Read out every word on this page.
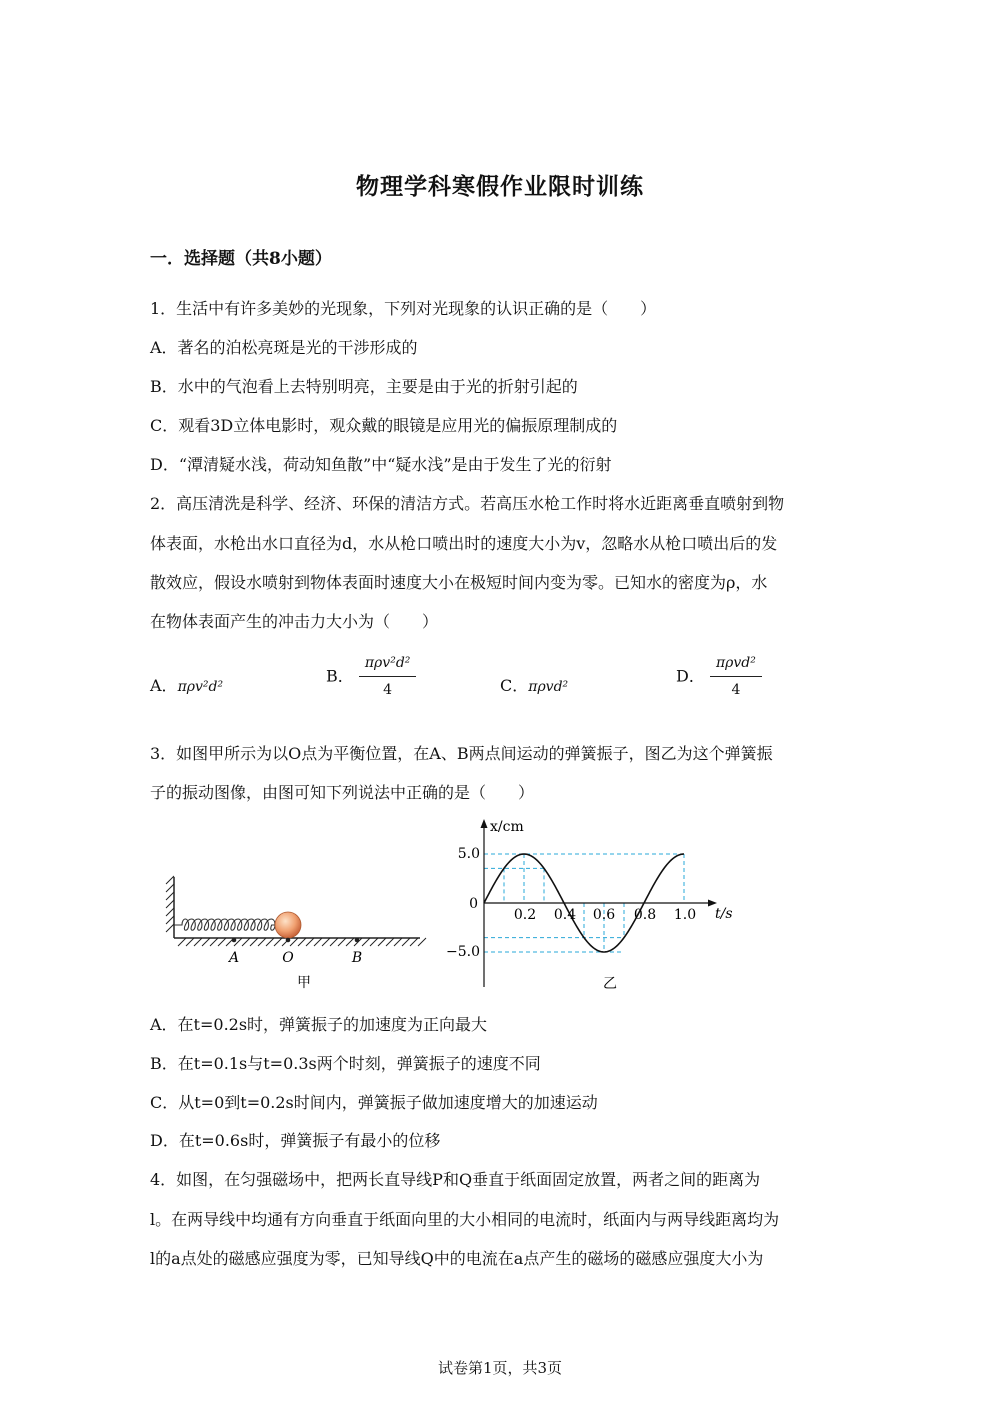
物理学科寒假作业限时训练
一．选择题（共8小题）
1．生活中有许多美妙的光现象，下列对光现象的认识正确的是（　　）
A．著名的泊松亮斑是光的干涉形成的
B．水中的气泡看上去特别明亮，主要是由于光的折射引起的
C．观看3D立体电影时，观众戴的眼镜是应用光的偏振原理制成的
D．“潭清疑水浅，荷动知鱼散”中“疑水浅”是由于发生了光的衍射
2．高压清洗是科学、经济、环保的清洁方式。若高压水枪工作时将水近距离垂直喷射到物
体表面，水枪出水口直径为d，水从枪口喷出时的速度大小为v，忽略水从枪口喷出后的发
散效应，假设水喷射到物体表面时速度大小在极短时间内变为零。已知水的密度为ρ，水
在物体表面产生的冲击力大小为（　　）
A．πρv²d²
B． $\frac{\text{πρv²d²}}{4}$	C．πρvd²
D． $\frac{\text{πρvd²}}{4}$
3．如图甲所示为以O点为平衡位置，在A、B两点间运动的弹簧振子，图乙为这个弹簧振
子的振动图像，由图可知下列说法中正确的是（　　）
A	O	B
甲
x/cm
t/s
0
5.0
−5.0
0.2 0.4 0.6 0.8 1.0
乙
A．在t=0.2s时，弹簧振子的加速度为正向最大
B．在t=0.1s与t=0.3s两个时刻，弹簧振子的速度不同
C．从t=0到t=0.2s时间内，弹簧振子做加速度增大的加速运动
D．在t=0.6s时，弹簧振子有最小的位移
4．如图，在匀强磁场中，把两长直导线P和Q垂直于纸面固定放置，两者之间的距离为
l。在两导线中均通有方向垂直于纸面向里的大小相同的电流时，纸面内与两导线距离均为
l的a点处的磁感应强度为零，已知导线Q中的电流在a点产生的磁场的磁感应强度大小为
试卷第1页，共3页
